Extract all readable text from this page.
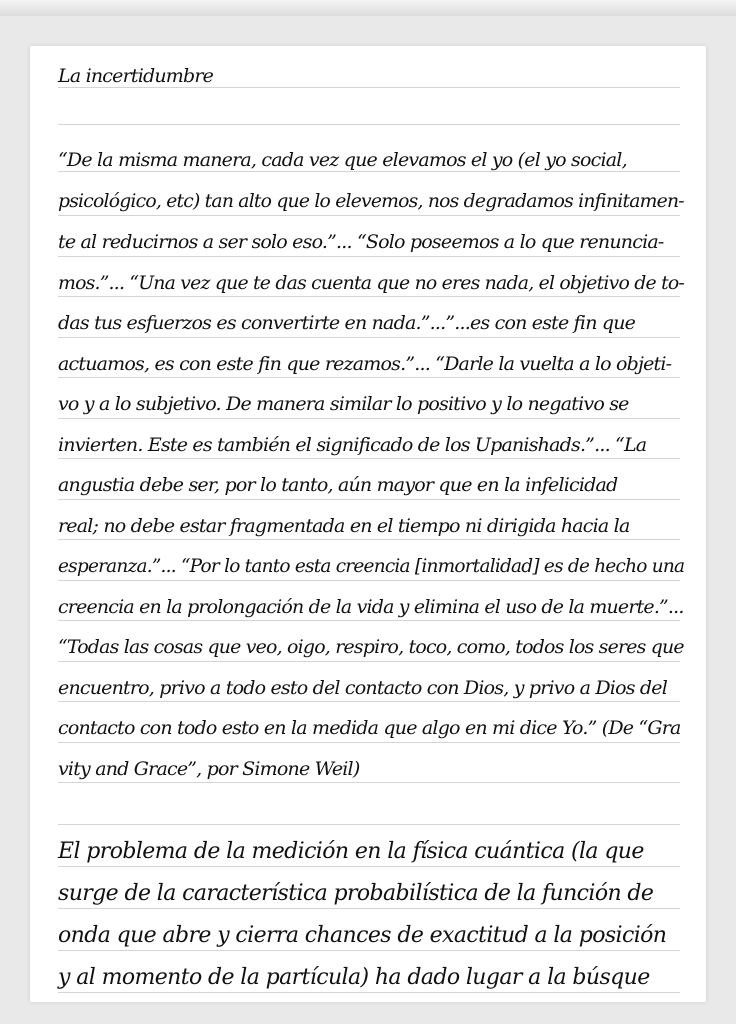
La incertidumbre
“De la misma manera, cada vez que elevamos el yo (el yo social,
psicológico, etc) tan alto que lo elevemos, nos degradamos infinitamen-
te al reducirnos a ser solo eso.”... “Solo poseemos a lo que renuncia-
mos.”... “Una vez que te das cuenta que no eres nada, el objetivo de to-
das tus esfuerzos es convertirte en nada.”...”...es con este fin que
actuamos, es con este fin que rezamos.”... “Darle la vuelta a lo objeti-
vo y a lo subjetivo. De manera similar lo positivo y lo negativo se
invierten. Este es también el significado de los Upanishads.”... “La
angustia debe ser, por lo tanto, aún mayor que en la infelicidad
real; no debe estar fragmentada en el tiempo ni dirigida hacia la
esperanza.”... “Por lo tanto esta creencia [inmortalidad] es de hecho una
creencia en la prolongación de la vida y elimina el uso de la muerte.”...
“Todas las cosas que veo, oigo, respiro, toco, como, todos los seres que
encuentro, privo a todo esto del contacto con Dios, y privo a Dios del
contacto con todo esto en la medida que algo en mi dice Yo.” (De “Gra
vity and Grace”, por Simone Weil)
El problema de la medición en la física cuántica (la que
surge de la característica probabilística de la función de
onda que abre y cierra chances de exactitud a la posición
y al momento de la partícula) ha dado lugar a la búsque
